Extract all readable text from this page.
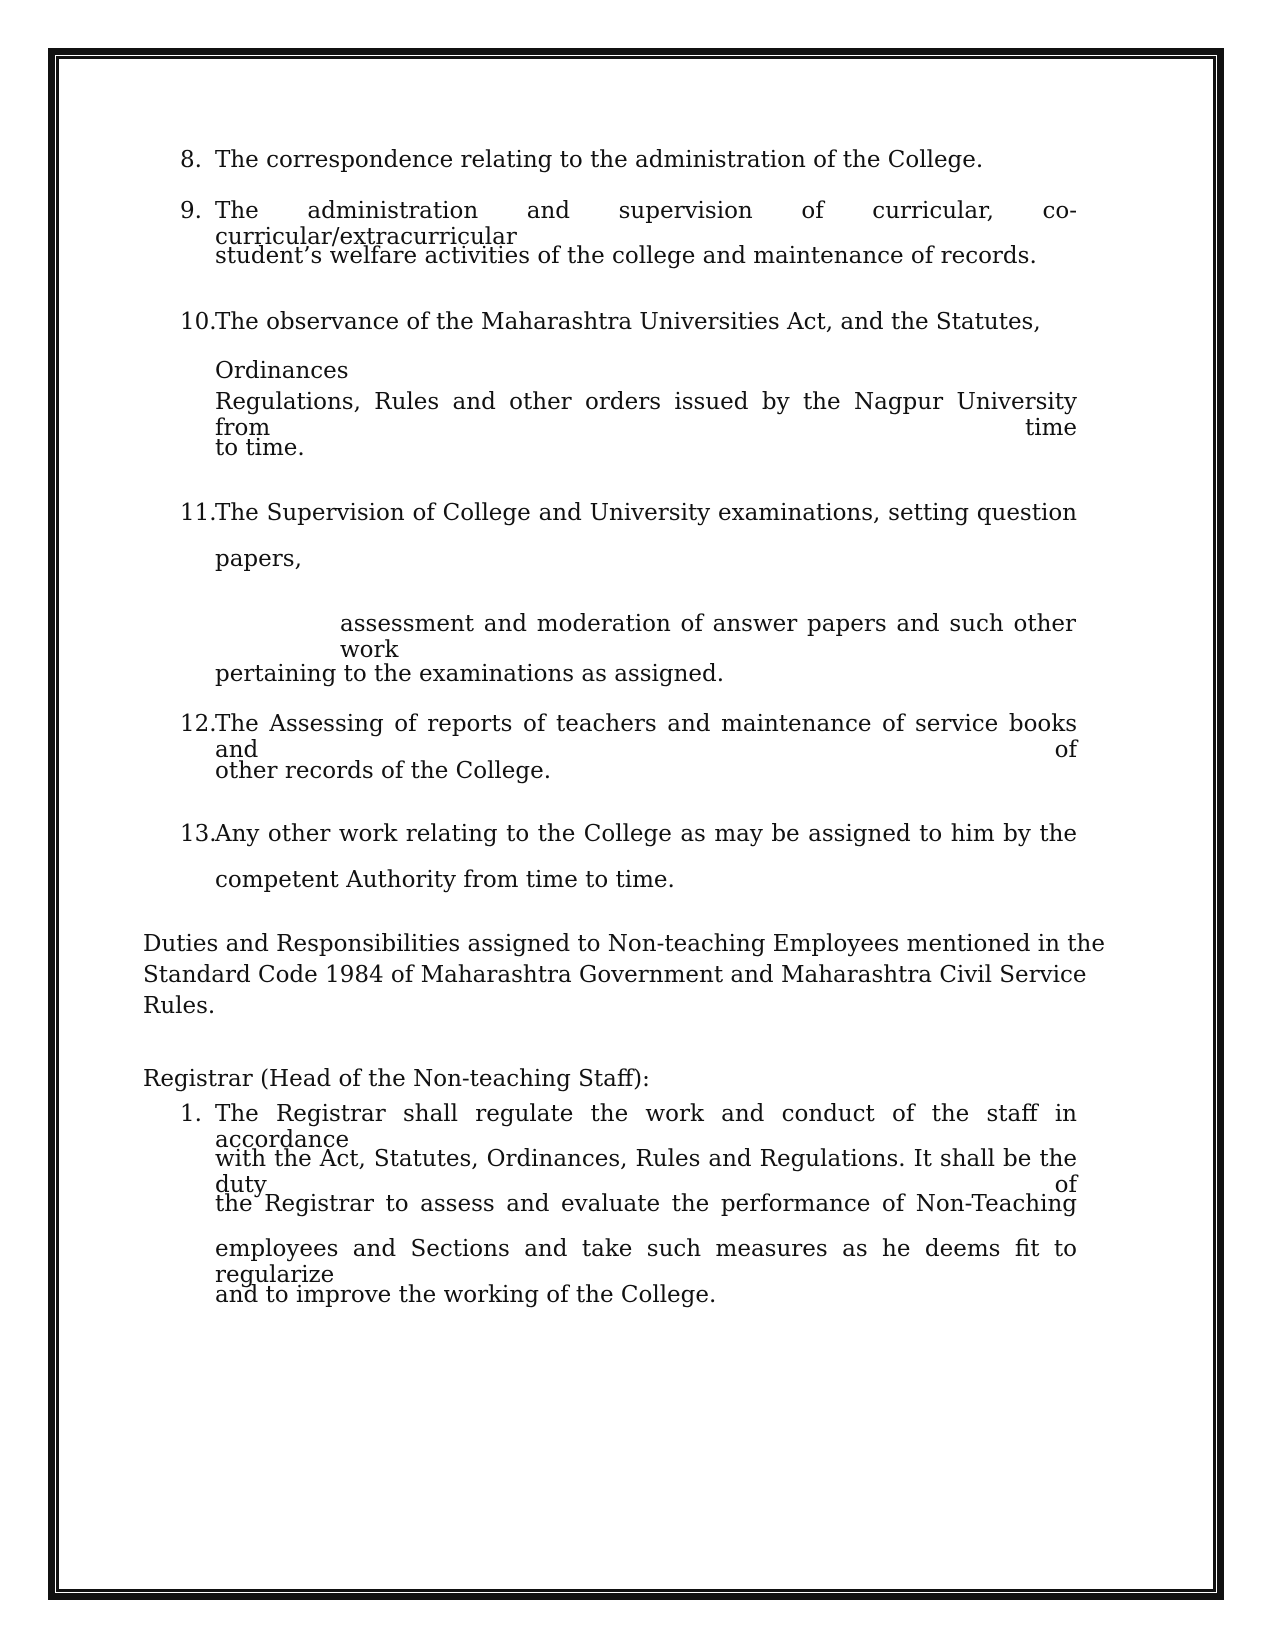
8. The correspondence relating to the administration of the College.
9. The administration and supervision of curricular, co-curricular/extracurricular
student’s welfare activities of the college and maintenance of records.
10.
The observance of the Maharashtra Universities Act, and the Statutes,
Ordinances
Regulations, Rules and other orders issued by the Nagpur University from time
to time.
11.
The Supervision of College and University examinations, setting question
papers,
assessment and moderation of answer papers and such other work
pertaining to the examinations as assigned.
12.
The Assessing of reports of teachers and maintenance of service books and of
other records of the College.
13.
Any other work relating to the College as may be assigned to him by the
competent Authority from time to time.
Duties and Responsibilities assigned to Non-teaching Employees mentioned in the
Standard Code 1984 of Maharashtra Government and Maharashtra Civil Service
Rules.
Registrar (Head of the Non-teaching Staff):
1. The Registrar shall regulate the work and conduct of the staff in accordance
with the Act, Statutes, Ordinances, Rules and Regulations. It shall be the duty of
the Registrar to assess and evaluate the performance of Non-Teaching
employees and Sections and take such measures as he deems fit to regularize
and to improve the working of the College.
